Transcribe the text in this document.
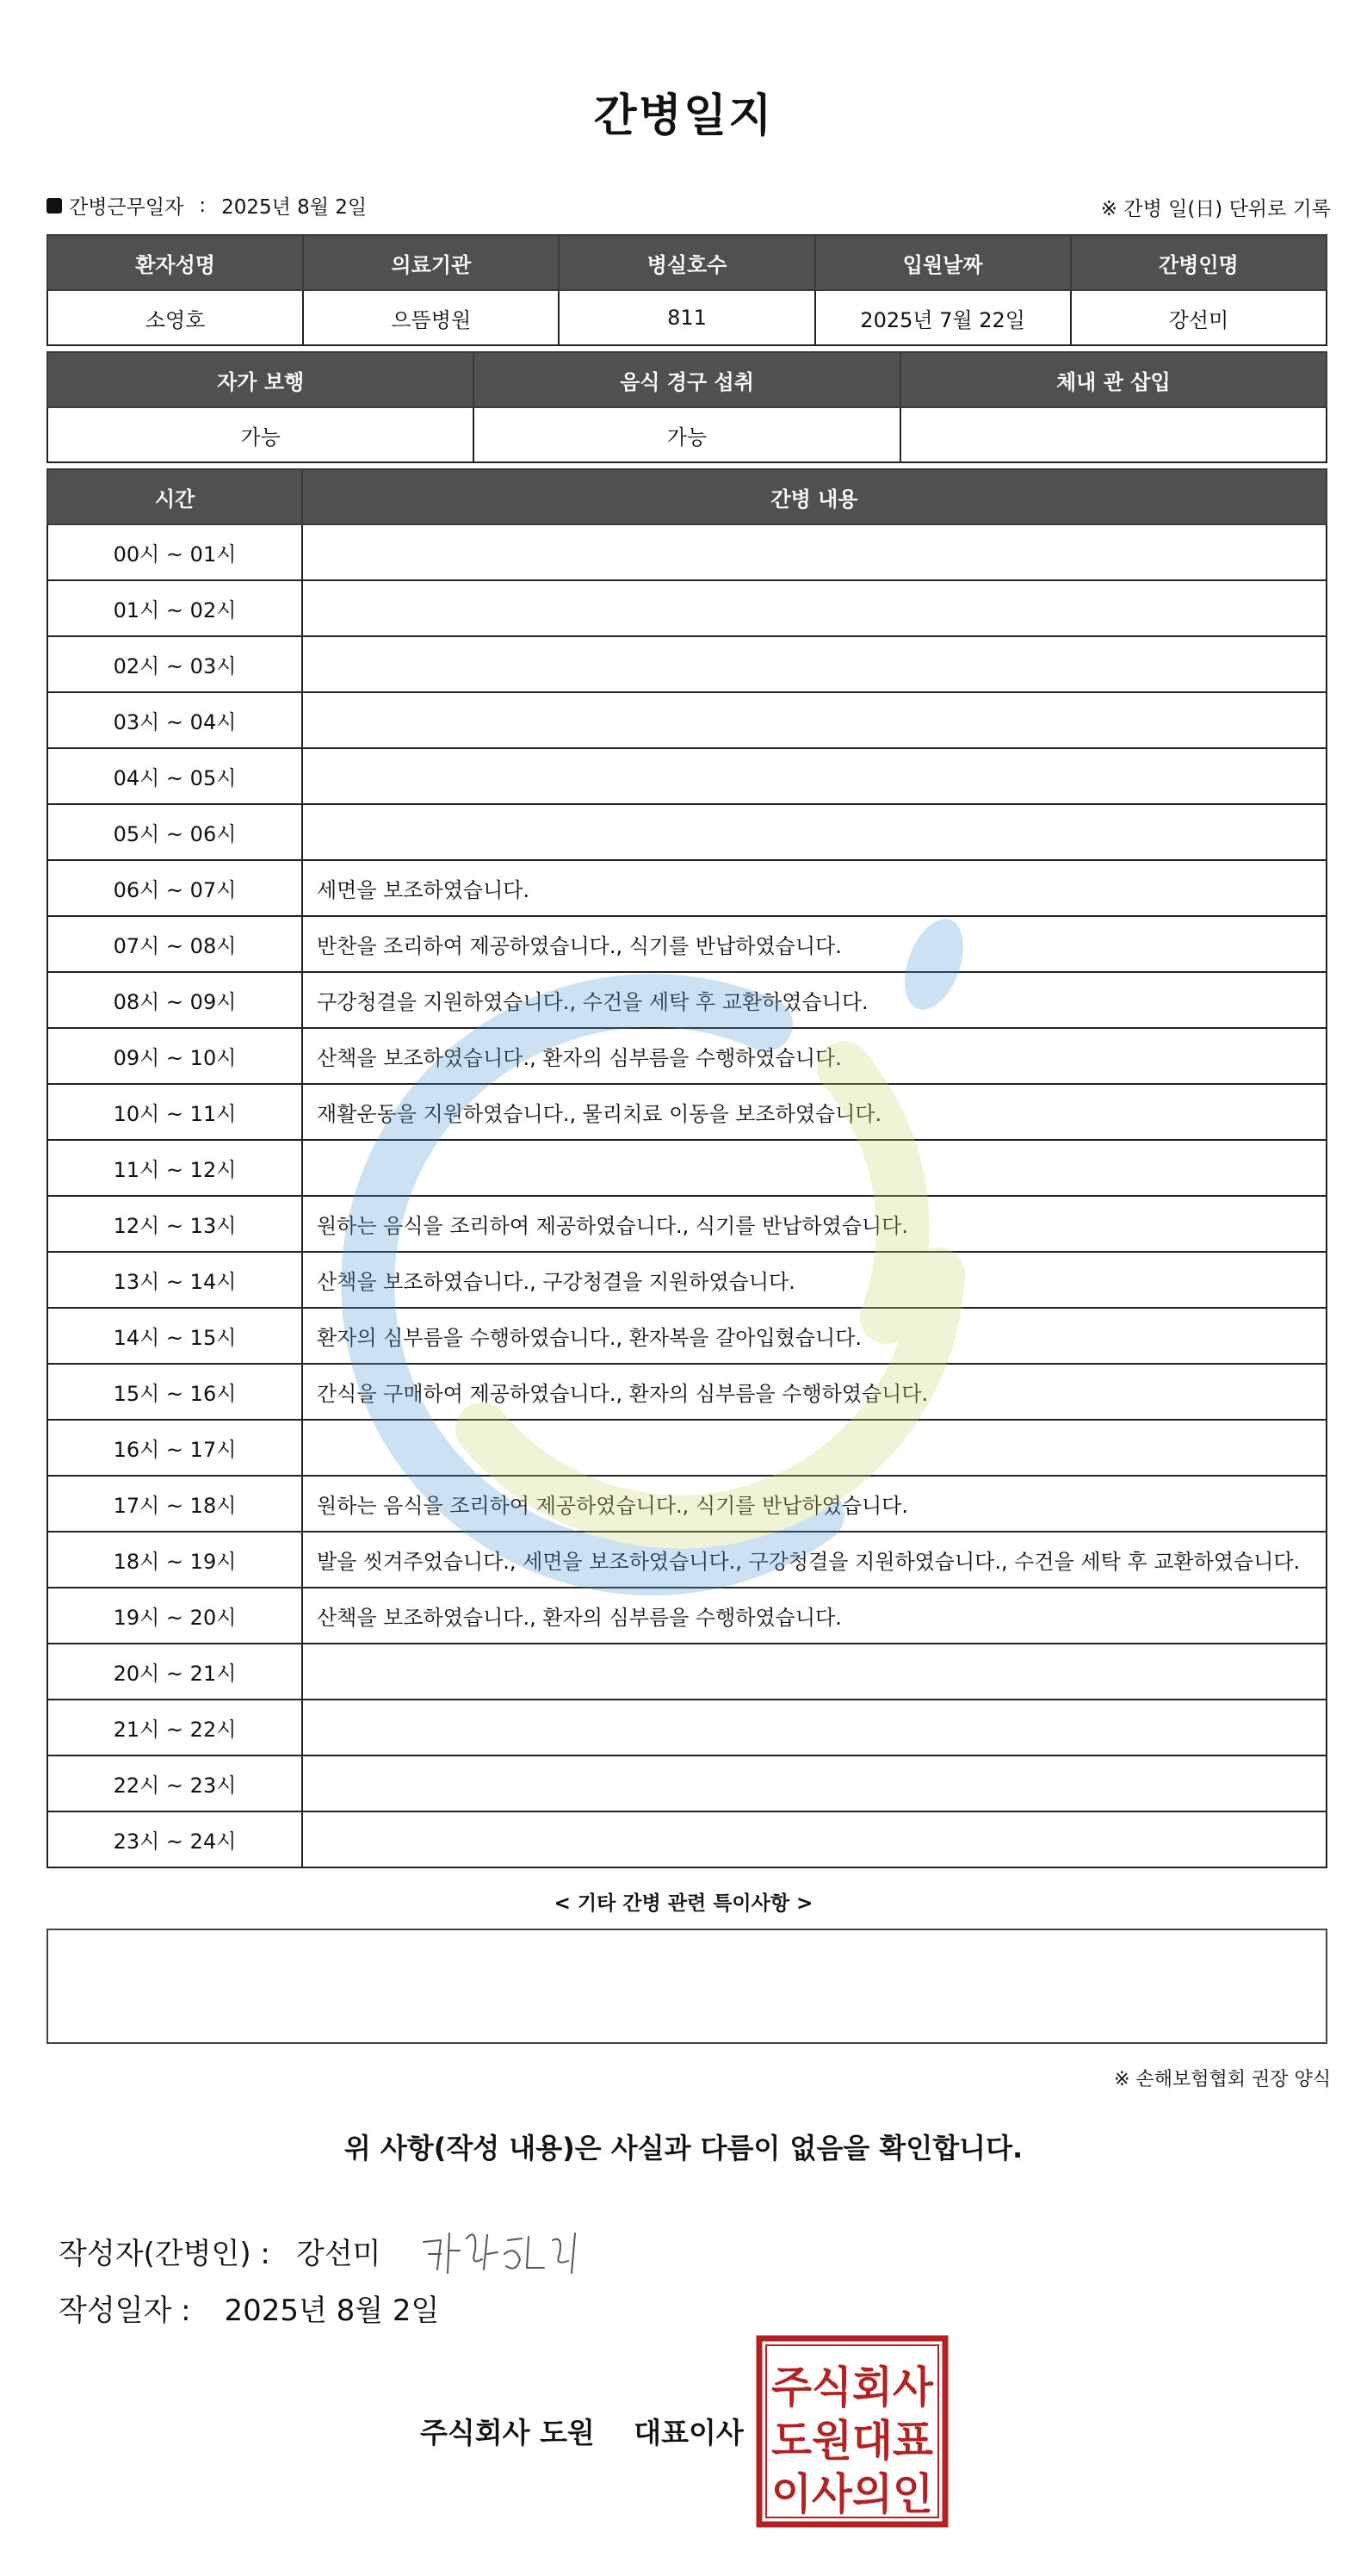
간병일지
간병근무일자 : 2025년 8월 2일	※ 간병 일(日) 단위로 기록
환자성명	의료기관	병실호수	입원날짜	간병인명
소영호	으뜸병원	811	2025년 7월 22일	강선미
자가 보행	음식 경구 섭취	체내 관 삽입
가능	가능	
시간	간병 내용
00시 ~ 01시	
01시 ~ 02시	
02시 ~ 03시	
03시 ~ 04시	
04시 ~ 05시	
05시 ~ 06시	
06시 ~ 07시	세면을 보조하였습니다.
07시 ~ 08시	반찬을 조리하여 제공하였습니다., 식기를 반납하였습니다.
08시 ~ 09시	구강청결을 지원하였습니다., 수건을 세탁 후 교환하였습니다.
09시 ~ 10시	산책을 보조하였습니다., 환자의 심부름을 수행하였습니다.
10시 ~ 11시	재활운동을 지원하였습니다., 물리치료 이동을 보조하였습니다.
11시 ~ 12시	
12시 ~ 13시	원하는 음식을 조리하여 제공하였습니다., 식기를 반납하였습니다.
13시 ~ 14시	산책을 보조하였습니다., 구강청결을 지원하였습니다.
14시 ~ 15시	환자의 심부름을 수행하였습니다., 환자복을 갈아입혔습니다.
15시 ~ 16시	간식을 구매하여 제공하였습니다., 환자의 심부름을 수행하였습니다.
16시 ~ 17시	
17시 ~ 18시	원하는 음식을 조리하여 제공하였습니다., 식기를 반납하였습니다.
18시 ~ 19시	발을 씻겨주었습니다., 세면을 보조하였습니다., 구강청결을 지원하였습니다., 수건을 세탁 후 교환하였습니다.
19시 ~ 20시	산책을 보조하였습니다., 환자의 심부름을 수행하였습니다.
20시 ~ 21시	
21시 ~ 22시	
22시 ~ 23시	
23시 ~ 24시	
< 기타 간병 관련 특이사항 >
※ 손해보험협회 권장 양식
위 사항(작성 내용)은 사실과 다름이 없음을 확인합니다.
작성자(간병인) : 강선미
작성일자 : 2025년 8월 2일
주식회사 도원 대표이사
주식회사
도원대표
이사의인
